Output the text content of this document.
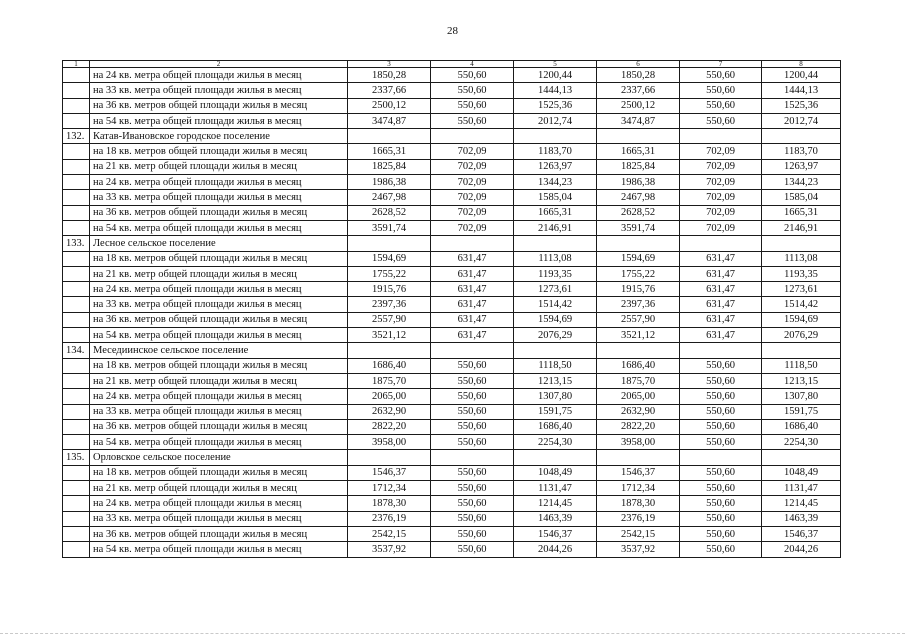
28
1	2	3	4	5	6	7	8
	на 24 кв. метра общей площади жилья в месяц	1850,28	550,60	1200,44	1850,28	550,60	1200,44
	на 33 кв. метра общей площади жилья в месяц	2337,66	550,60	1444,13	2337,66	550,60	1444,13
	на 36 кв. метров общей площади жилья в месяц	2500,12	550,60	1525,36	2500,12	550,60	1525,36
	на 54 кв. метра общей площади жилья в месяц	3474,87	550,60	2012,74	3474,87	550,60	2012,74
132.	Катав-Ивановское городское поселение						
	на 18 кв. метров общей площади жилья в месяц	1665,31	702,09	1183,70	1665,31	702,09	1183,70
	на 21 кв. метр общей площади жилья в месяц	1825,84	702,09	1263,97	1825,84	702,09	1263,97
	на 24 кв. метра общей площади жилья в месяц	1986,38	702,09	1344,23	1986,38	702,09	1344,23
	на 33 кв. метра общей площади жилья в месяц	2467,98	702,09	1585,04	2467,98	702,09	1585,04
	на 36 кв. метров общей площади жилья в месяц	2628,52	702,09	1665,31	2628,52	702,09	1665,31
	на 54 кв. метра общей площади жилья в месяц	3591,74	702,09	2146,91	3591,74	702,09	2146,91
133.	Лесное сельское поселение						
	на 18 кв. метров общей площади жилья в месяц	1594,69	631,47	1113,08	1594,69	631,47	1113,08
	на 21 кв. метр общей площади жилья в месяц	1755,22	631,47	1193,35	1755,22	631,47	1193,35
	на 24 кв. метра общей площади жилья в месяц	1915,76	631,47	1273,61	1915,76	631,47	1273,61
	на 33 кв. метра общей площади жилья в месяц	2397,36	631,47	1514,42	2397,36	631,47	1514,42
	на 36 кв. метров общей площади жилья в месяц	2557,90	631,47	1594,69	2557,90	631,47	1594,69
	на 54 кв. метра общей площади жилья в месяц	3521,12	631,47	2076,29	3521,12	631,47	2076,29
134.	Меседиинское сельское поселение						
	на 18 кв. метров общей площади жилья в месяц	1686,40	550,60	1118,50	1686,40	550,60	1118,50
	на 21 кв. метр общей площади жилья в месяц	1875,70	550,60	1213,15	1875,70	550,60	1213,15
	на 24 кв. метра общей площади жилья в месяц	2065,00	550,60	1307,80	2065,00	550,60	1307,80
	на 33 кв. метра общей площади жилья в месяц	2632,90	550,60	1591,75	2632,90	550,60	1591,75
	на 36 кв. метров общей площади жилья в месяц	2822,20	550,60	1686,40	2822,20	550,60	1686,40
	на 54 кв. метра общей площади жилья в месяц	3958,00	550,60	2254,30	3958,00	550,60	2254,30
135.	Орловское сельское поселение						
	на 18 кв. метров общей площади жилья в месяц	1546,37	550,60	1048,49	1546,37	550,60	1048,49
	на 21 кв. метр общей площади жилья в месяц	1712,34	550,60	1131,47	1712,34	550,60	1131,47
	на 24 кв. метра общей площади жилья в месяц	1878,30	550,60	1214,45	1878,30	550,60	1214,45
	на 33 кв. метра общей площади жилья в месяц	2376,19	550,60	1463,39	2376,19	550,60	1463,39
	на 36 кв. метров общей площади жилья в месяц	2542,15	550,60	1546,37	2542,15	550,60	1546,37
	на 54 кв. метра общей площади жилья в месяц	3537,92	550,60	2044,26	3537,92	550,60	2044,26
